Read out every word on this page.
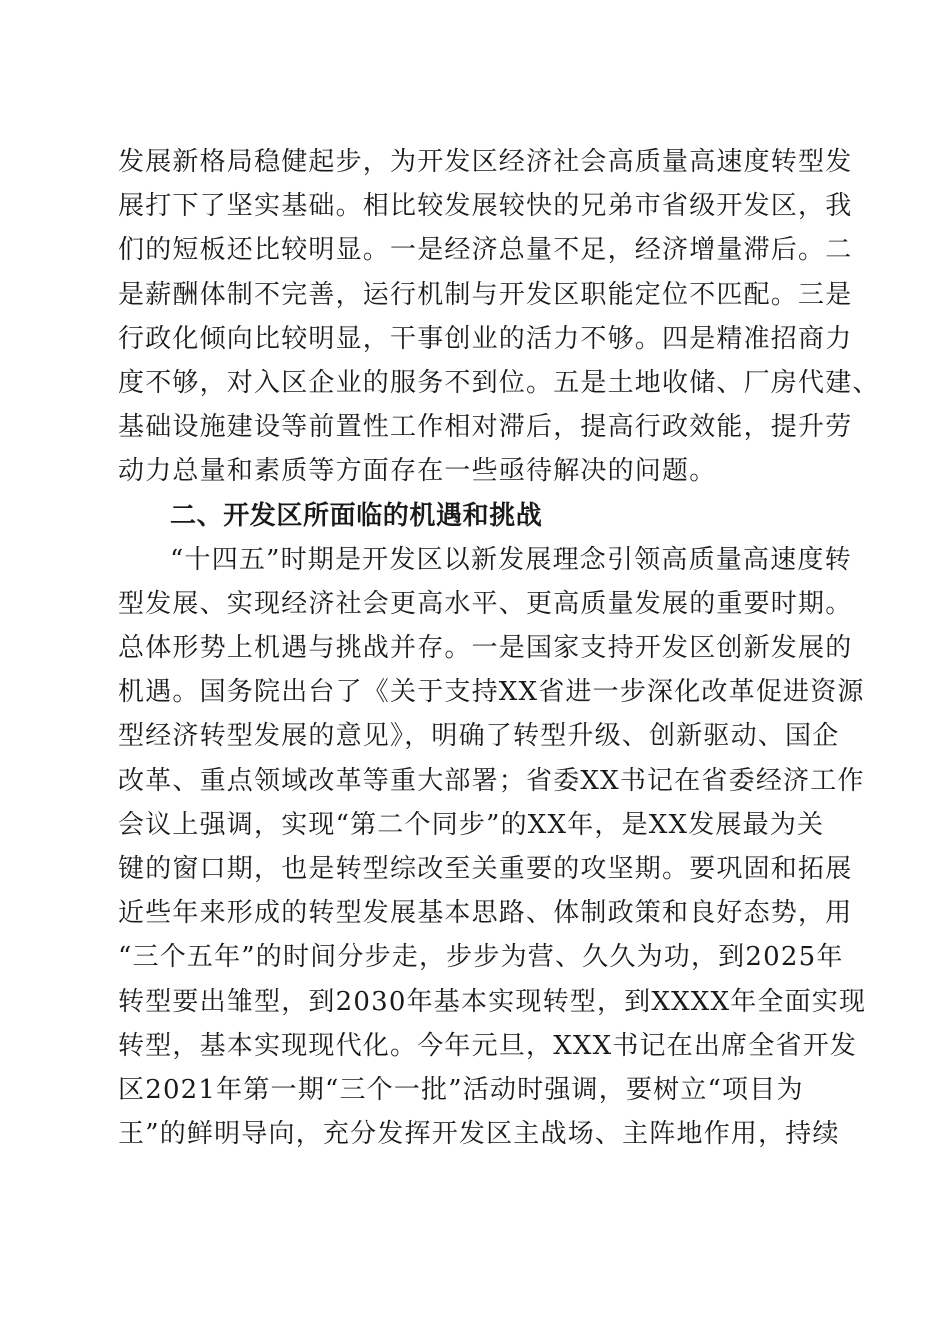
发展新格局稳健起步，为开发区经济社会高质量高速度转型发
展打下了坚实基础。相比较发展较快的兄弟市省级开发区，我
们的短板还比较明显。一是经济总量不足，经济增量滞后。二
是薪酬体制不完善，运行机制与开发区职能定位不匹配。三是
行政化倾向比较明显，干事创业的活力不够。四是精准招商力
度不够，对入区企业的服务不到位。五是土地收储、厂房代建、
基础设施建设等前置性工作相对滞后，提高行政效能，提升劳
动力总量和素质等方面存在一些亟待解决的问题。
二、开发区所面临的机遇和挑战
“十四五”时期是开发区以新发展理念引领高质量高速度转
型发展、实现经济社会更高水平、更高质量发展的重要时期。
总体形势上机遇与挑战并存。一是国家支持开发区创新发展的
机遇。国务院出台了《关于支持XX省进一步深化改革促进资源
型经济转型发展的意见》，明确了转型升级、创新驱动、国企
改革、重点领域改革等重大部署；省委XX书记在省委经济工作
会议上强调，实现“第二个同步”的XX年，是XX发展最为关
键的窗口期，也是转型综改至关重要的攻坚期。要巩固和拓展
近些年来形成的转型发展基本思路、体制政策和良好态势，用
“三个五年”的时间分步走，步步为营、久久为功，到2025年
转型要出雏型，到2030年基本实现转型，到XXXX年全面实现
转型，基本实现现代化。今年元旦，XXX书记在出席全省开发
区2021年第一期“三个一批”活动时强调，要树立“项目为
王”的鲜明导向，充分发挥开发区主战场、主阵地作用，持续
